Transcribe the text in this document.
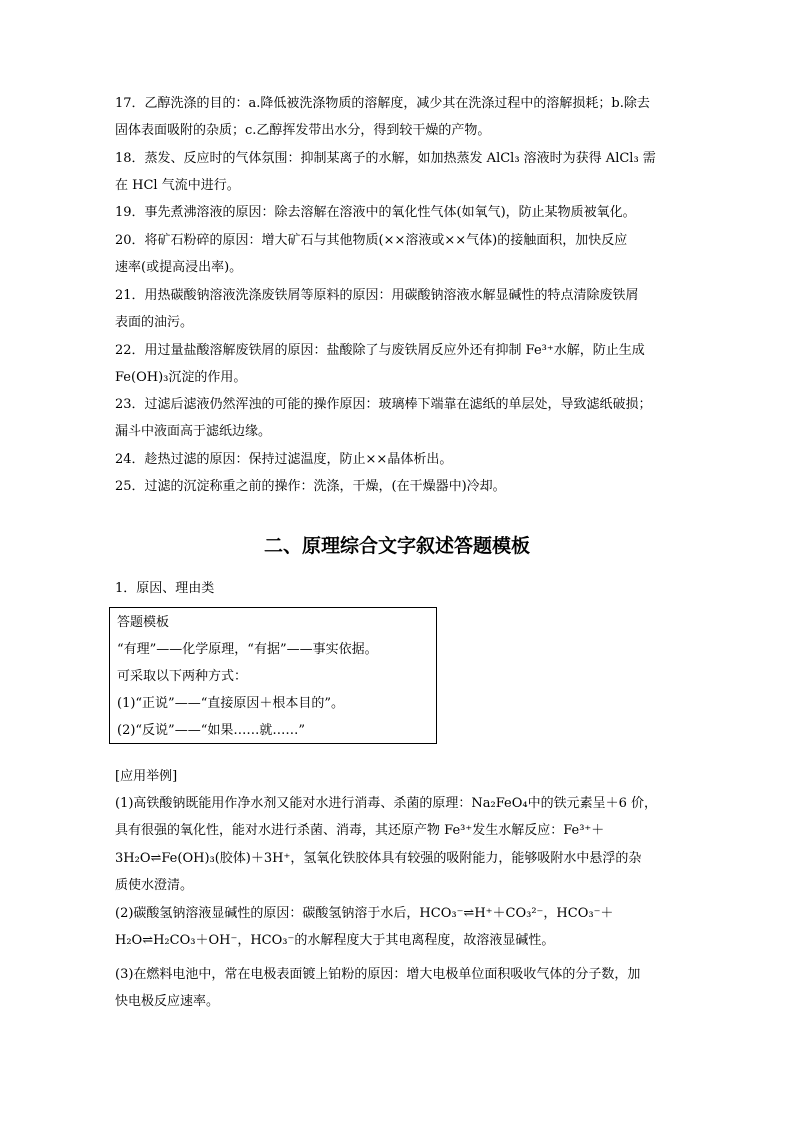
17．乙醇洗涤的目的：a.降低被洗涤物质的溶解度，减少其在洗涤过程中的溶解损耗；b.除去
固体表面吸附的杂质；c.乙醇挥发带出水分，得到较干燥的产物。
18．蒸发、反应时的气体氛围：抑制某离子的水解，如加热蒸发 AlCl₃ 溶液时为获得 AlCl₃ 需
在 HCl 气流中进行。
19．事先煮沸溶液的原因：除去溶解在溶液中的氧化性气体(如氧气)，防止某物质被氧化。
20．将矿石粉碎的原因：增大矿石与其他物质(××溶液或××气体)的接触面积，加快反应
速率(或提高浸出率)。
21．用热碳酸钠溶液洗涤废铁屑等原料的原因：用碳酸钠溶液水解显碱性的特点清除废铁屑
表面的油污。
22．用过量盐酸溶解废铁屑的原因：盐酸除了与废铁屑反应外还有抑制 Fe³⁺水解，防止生成
Fe(OH)₃沉淀的作用。
23．过滤后滤液仍然浑浊的可能的操作原因：玻璃棒下端靠在滤纸的单层处，导致滤纸破损；
漏斗中液面高于滤纸边缘。
24．趁热过滤的原因：保持过滤温度，防止××晶体析出。
25．过滤的沉淀称重之前的操作：洗涤，干燥，(在干燥器中)冷却。
二、原理综合文字叙述答题模板
1．原因、理由类
答题模板
“有理”——化学原理，“有据”——事实依据。
可采取以下两种方式：
(1)“正说”——“直接原因＋根本目的”。
(2)“反说”——“如果……就……”
[应用举例]
(1)高铁酸钠既能用作净水剂又能对水进行消毒、杀菌的原理：Na₂FeO₄中的铁元素呈＋6 价，
具有很强的氧化性，能对水进行杀菌、消毒，其还原产物 Fe³⁺发生水解反应：Fe³⁺＋
3H₂O⇌Fe(OH)₃(胶体)＋3H⁺，氢氧化铁胶体具有较强的吸附能力，能够吸附水中悬浮的杂
质使水澄清。
(2)碳酸氢钠溶液显碱性的原因：碳酸氢钠溶于水后，HCO₃⁻⇌H⁺＋CO₃²⁻，HCO₃⁻＋
H₂O⇌H₂CO₃＋OH⁻，HCO₃⁻的水解程度大于其电离程度，故溶液显碱性。
(3)在燃料电池中，常在电极表面镀上铂粉的原因：增大电极单位面积吸收气体的分子数，加
快电极反应速率。
